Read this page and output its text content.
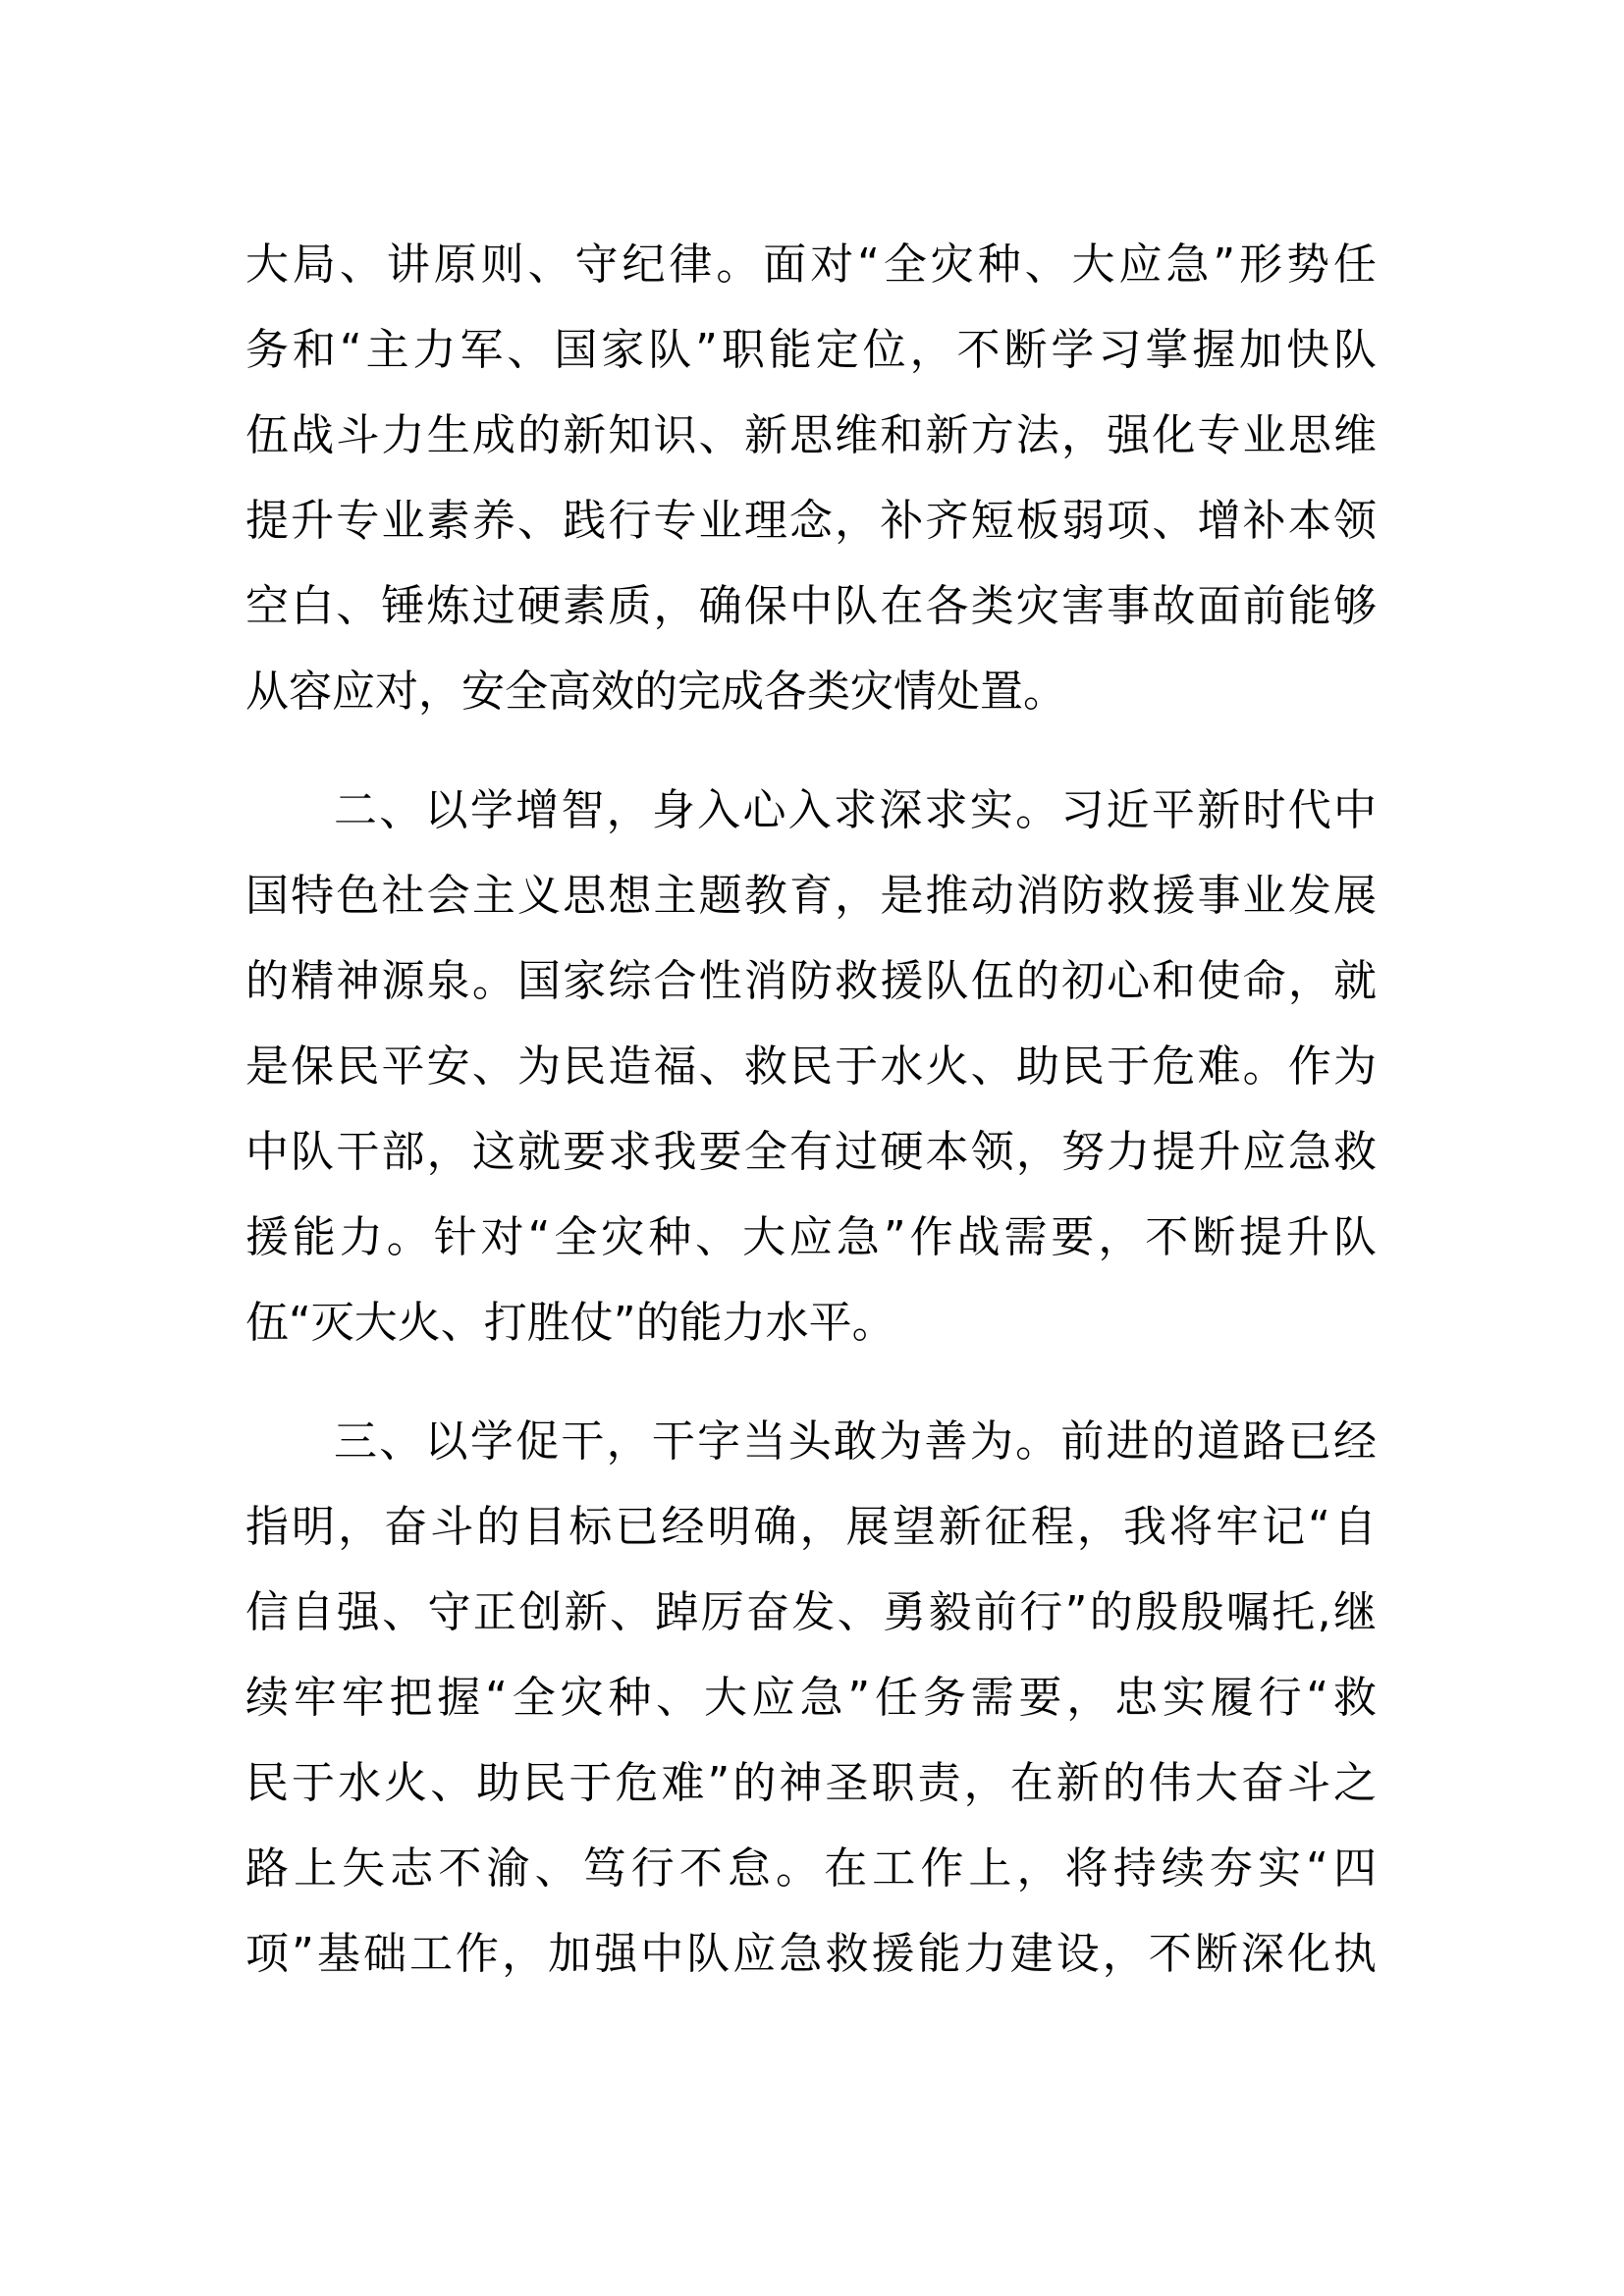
大局、讲原则、守纪律。面对“全灾种、大应急”形势任
务和“主力军、国家队”职能定位，不断学习掌握加快队
伍战斗力生成的新知识、新思维和新方法，强化专业思维
提升专业素养、践行专业理念，补齐短板弱项、增补本领
空白、锤炼过硬素质，确保中队在各类灾害事故面前能够
从容应对，安全高效的完成各类灾情处置。

二、以学增智，身入心入求深求实。习近平新时代中
国特色社会主义思想主题教育，是推动消防救援事业发展
的精神源泉。国家综合性消防救援队伍的初心和使命，就
是保民平安、为民造福、救民于水火、助民于危难。作为
中队干部，这就要求我要全有过硬本领，努力提升应急救
援能力。针对“全灾种、大应急”作战需要，不断提升队
伍“灭大火、打胜仗”的能力水平。

三、以学促干，干字当头敢为善为。前进的道路已经
指明，奋斗的目标已经明确，展望新征程，我将牢记“自
信自强、守正创新、踔厉奋发、勇毅前行”的殷殷嘱托,继
续牢牢把握“全灾种、大应急”任务需要，忠实履行“救
民于水火、助民于危难”的神圣职责，在新的伟大奋斗之
路上矢志不渝、笃行不怠。在工作上，将持续夯实“四
项”基础工作，加强中队应急救援能力建设，不断深化执
